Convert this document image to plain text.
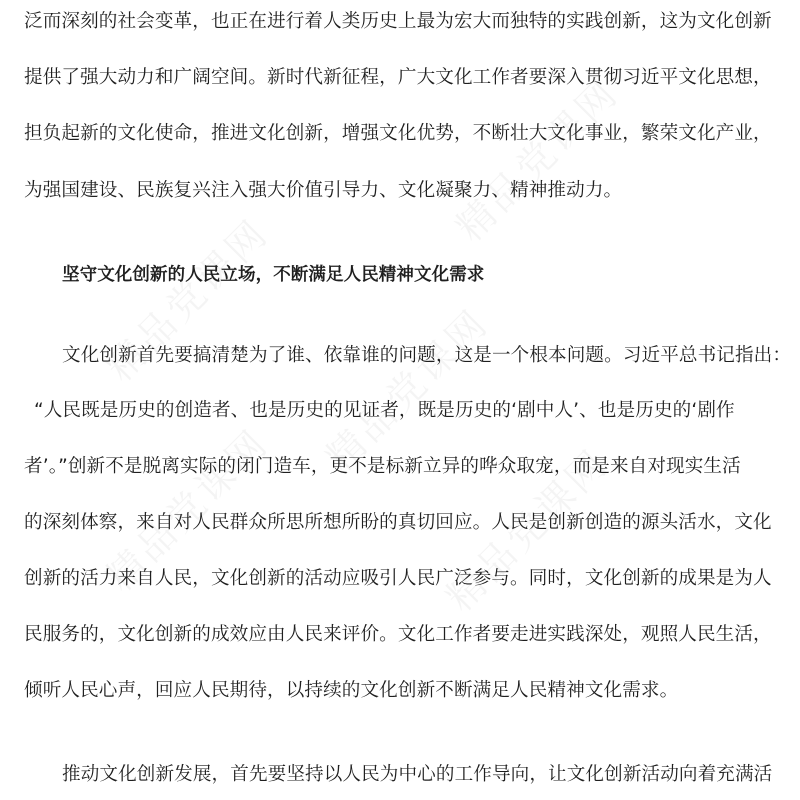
泛而深刻的社会变革，也正在进行着人类历史上最为宏大而独特的实践创新，这为文化创新
提供了强大动力和广阔空间。新时代新征程，广大文化工作者要深入贯彻习近平文化思想，
担负起新的文化使命，推进文化创新，增强文化优势，不断壮大文化事业，繁荣文化产业，
为强国建设、民族复兴注入强大价值引导力、文化凝聚力、精神推动力。
坚守文化创新的人民立场，不断满足人民精神文化需求
文化创新首先要搞清楚为了谁、依靠谁的问题，这是一个根本问题。习近平总书记指出：
“人民既是历史的创造者、也是历史的见证者，既是历史的‘剧中人’、也是历史的‘剧作
者’。”创新不是脱离实际的闭门造车，更不是标新立异的哗众取宠，而是来自对现实生活
的深刻体察，来自对人民群众所思所想所盼的真切回应。人民是创新创造的源头活水，文化
创新的活力来自人民，文化创新的活动应吸引人民广泛参与。同时，文化创新的成果是为人
民服务的，文化创新的成效应由人民来评价。文化工作者要走进实践深处，观照人民生活，
倾听人民心声，回应人民期待，以持续的文化创新不断满足人民精神文化需求。
推动文化创新发展，首先要坚持以人民为中心的工作导向，让文化创新活动向着充满活
